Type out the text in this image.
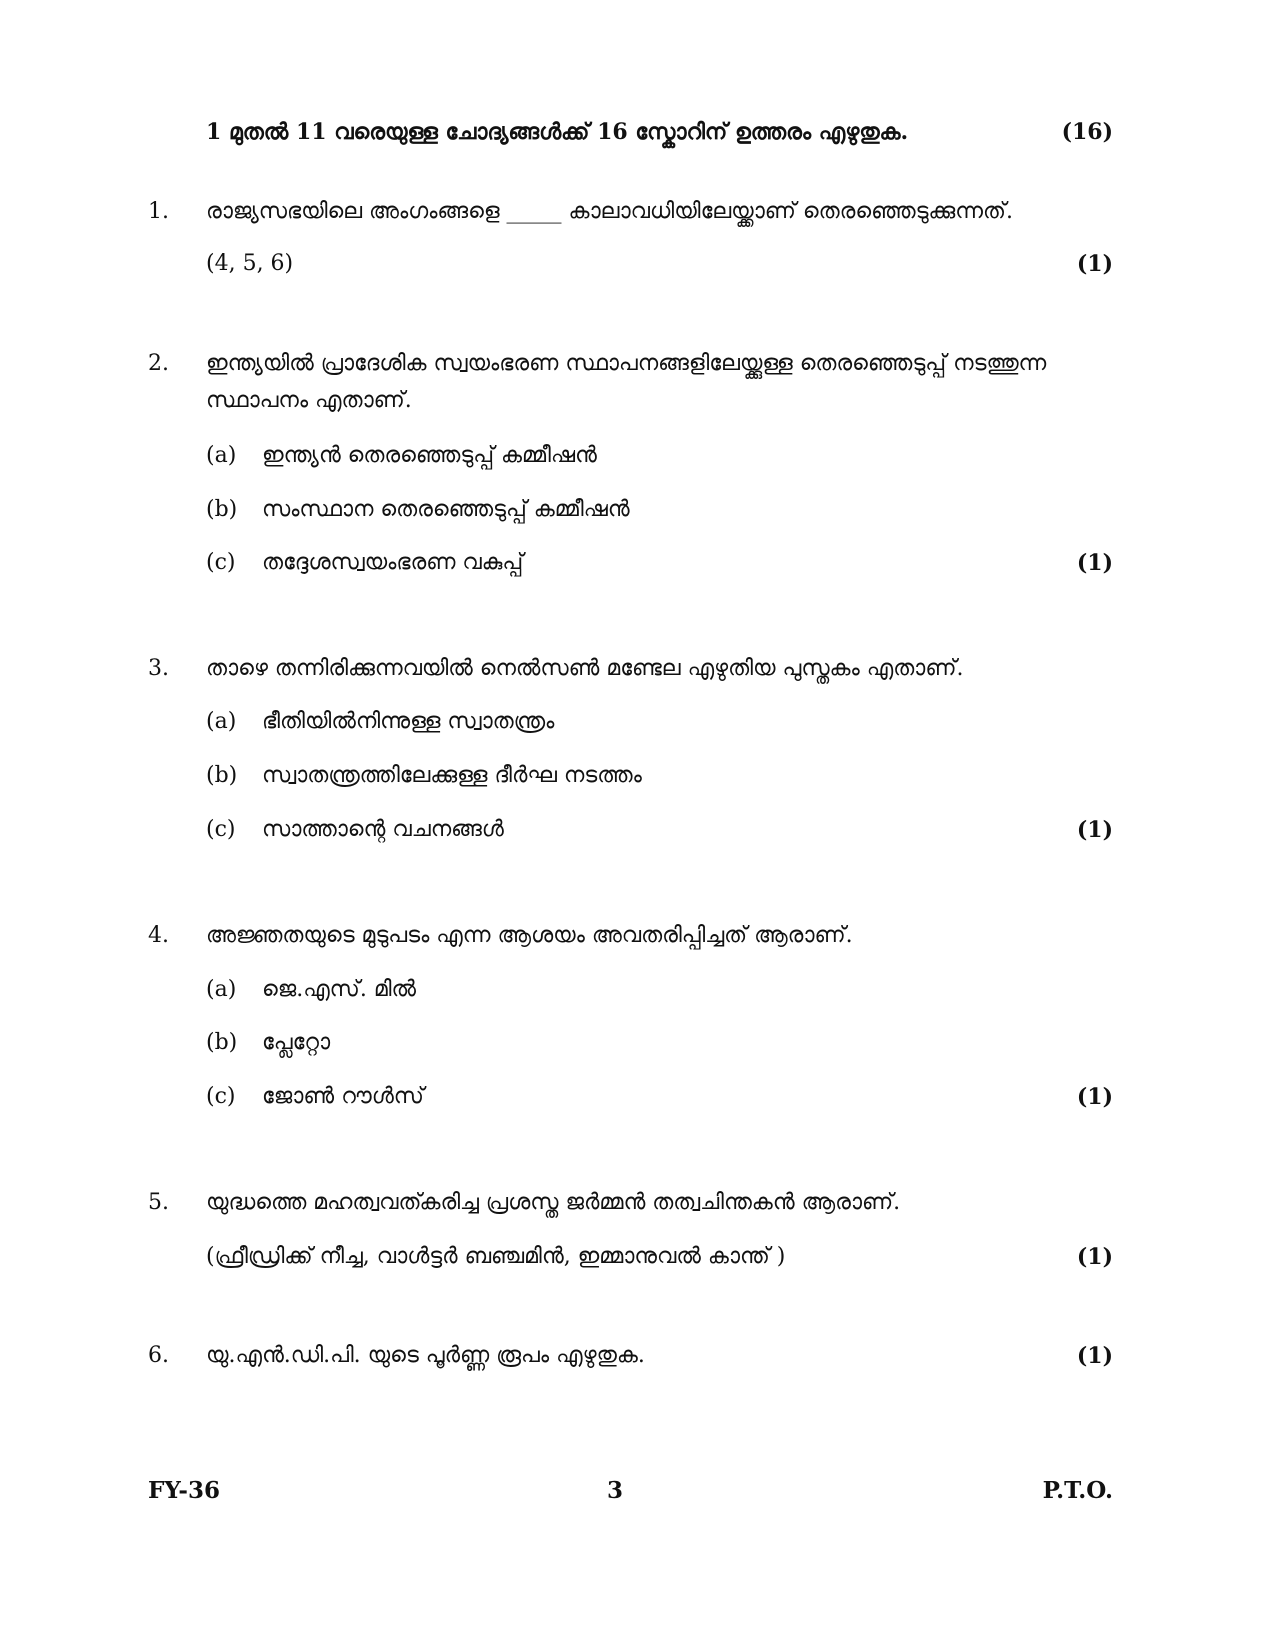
1 മുതൽ 11 വരെയുള്ള ചോദ്യങ്ങൾക്ക് 16 സ്കോറിന് ഉത്തരം എഴുതുക.	(16)
1. രാജ്യസഭയിലെ അംഗംങ്ങളെ _____ കാലാവധിയിലേയ്ക്കാണ് തെരഞ്ഞെടുക്കുന്നത്.
(4, 5, 6)	(1)
2. ഇന്ത്യയിൽ പ്രാദേശിക സ്വയംഭരണ സ്ഥാപനങ്ങളിലേയ്ക്കുള്ള തെരഞ്ഞെടുപ്പ് നടത്തുന്ന
സ്ഥാപനം എതാണ്.
(a) ഇന്ത്യൻ തെരഞ്ഞെടുപ്പ് കമ്മീഷൻ
(b) സംസ്ഥാന തെരഞ്ഞെടുപ്പ് കമ്മീഷൻ
(c) തദ്ദേശസ്വയംഭരണ വകുപ്പ്	(1)
3. താഴെ തന്നിരിക്കുന്നവയിൽ നെൽസൺ മണ്ടേല എഴുതിയ പുസ്തകം എതാണ്.
(a) ഭീതിയിൽനിന്നുള്ള സ്വാതന്ത്രം
(b) സ്വാതന്ത്രത്തിലേക്കുള്ള ദീർഘ നടത്തം
(c) സാത്താന്റെ വചനങ്ങൾ	(1)
4. അജ്ഞതയുടെ മുടുപടം എന്ന ആശയം അവതരിപ്പിച്ചത് ആരാണ്.
(a) ജെ.എസ്. മിൽ
(b) പ്ലേറ്റോ
(c) ജോൺ റൗൾസ്	(1)
5. യുദ്ധത്തെ മഹത്വവത്കരിച്ച പ്രശസ്ത ജർമ്മൻ തത്വചിന്തകൻ ആരാണ്.
(ഫ്രീഡ്രിക്ക് നീച്ച, വാൾട്ടർ ബഞ്ചമിൻ, ഇമ്മാനുവൽ കാന്ത് )	(1)
6. യു.എൻ.ഡി.പി. യുടെ പൂർണ്ണ രൂപം എഴുതുക.	(1)
FY-36	3	P.T.O.
